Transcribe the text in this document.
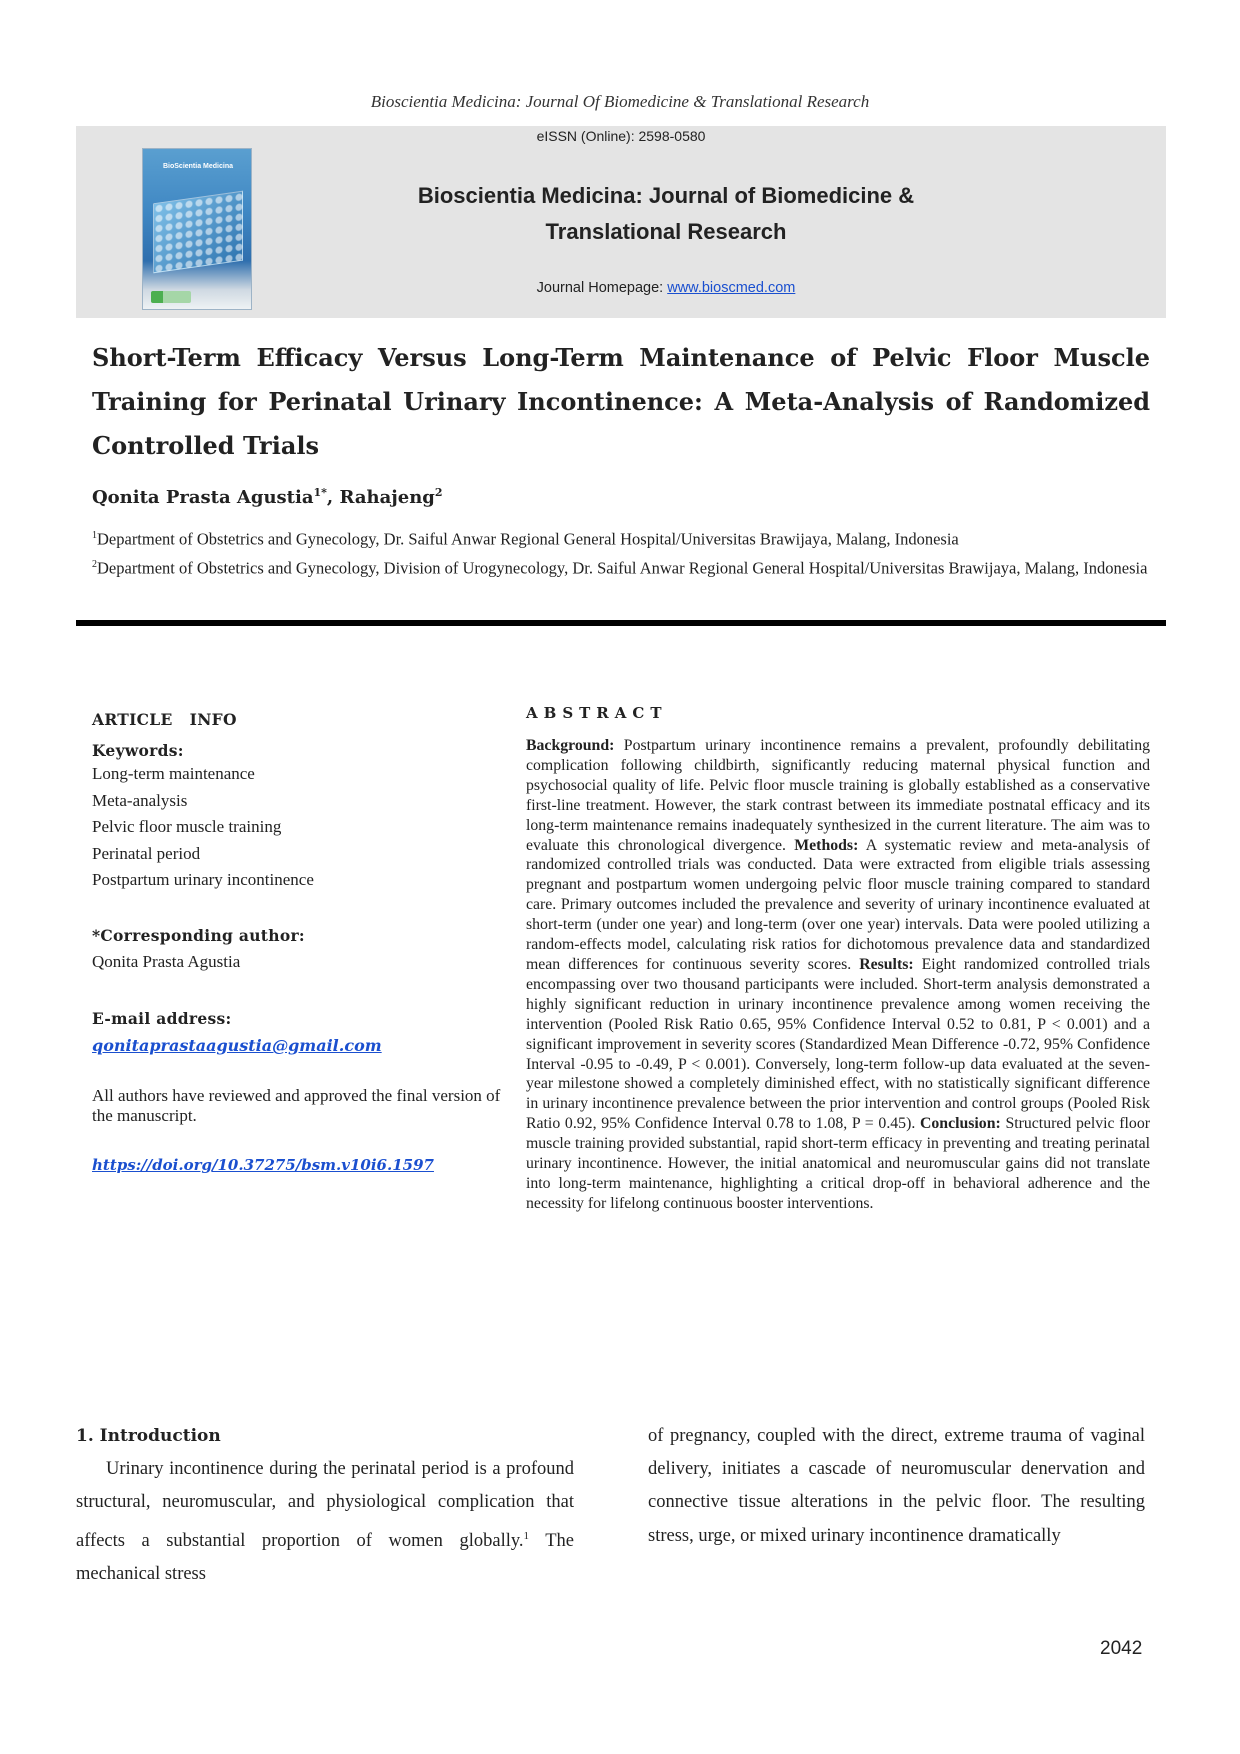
Bioscientia Medicina: Journal Of Biomedicine & Translational Research
eISSN (Online): 2598-0580
BioScientia Medicina
Bioscientia Medicina: Journal of Biomedicine &
Translational Research
Journal Homepage: www.bioscmed.com
Short-Term Efficacy Versus Long-Term Maintenance of Pelvic Floor Muscle Training for Perinatal Urinary Incontinence: A Meta-Analysis of Randomized Controlled Trials
Qonita Prasta Agustia$^{1*}$, Rahajeng$^2$
$^1$Department of Obstetrics and Gynecology, Dr. Saiful Anwar Regional General Hospital/Universitas Brawijaya, Malang, Indonesia
$^2$Department of Obstetrics and Gynecology, Division of Urogynecology, Dr. Saiful Anwar Regional General Hospital/Universitas Brawijaya, Malang, Indonesia
ARTICLE   INFO
Keywords:
Long-term maintenance
Meta-analysis
Pelvic floor muscle training
Perinatal period
Postpartum urinary incontinence
*Corresponding author:
Qonita Prasta Agustia
E-mail address:
qonitaprastaagustia@gmail.com
All authors have reviewed and approved the final version of the manuscript.
https://doi.org/10.37275/bsm.v10i6.1597
ABSTRACT
Background: Postpartum urinary incontinence remains a prevalent, profoundly debilitating complication following childbirth, significantly reducing maternal physical function and psychosocial quality of life. Pelvic floor muscle training is globally established as a conservative first-line treatment. However, the stark contrast between its immediate postnatal efficacy and its long-term maintenance remains inadequately synthesized in the current literature. The aim was to evaluate this chronological divergence. Methods: A systematic review and meta-analysis of randomized controlled trials was conducted. Data were extracted from eligible trials assessing pregnant and postpartum women undergoing pelvic floor muscle training compared to standard care. Primary outcomes included the prevalence and severity of urinary incontinence evaluated at short-term (under one year) and long-term (over one year) intervals. Data were pooled utilizing a random-effects model, calculating risk ratios for dichotomous prevalence data and standardized mean differences for continuous severity scores. Results: Eight randomized controlled trials encompassing over two thousand participants were included. Short-term analysis demonstrated a highly significant reduction in urinary incontinence prevalence among women receiving the intervention (Pooled Risk Ratio 0.65, 95% Confidence Interval 0.52 to 0.81, P < 0.001) and a significant improvement in severity scores (Standardized Mean Difference -0.72, 95% Confidence Interval -0.95 to -0.49, P < 0.001). Conversely, long-term follow-up data evaluated at the seven-year milestone showed a completely diminished effect, with no statistically significant difference in urinary incontinence prevalence between the prior intervention and control groups (Pooled Risk Ratio 0.92, 95% Confidence Interval 0.78 to 1.08, P = 0.45). Conclusion: Structured pelvic floor muscle training provided substantial, rapid short-term efficacy in preventing and treating perinatal urinary incontinence. However, the initial anatomical and neuromuscular gains did not translate into long-term maintenance, highlighting a critical drop-off in behavioral adherence and the necessity for lifelong continuous booster interventions.
1. Introduction
Urinary incontinence during the perinatal period is a profound structural, neuromuscular, and physiological complication that affects a substantial proportion of women globally.$^1$ The mechanical stress
of pregnancy, coupled with the direct, extreme trauma of vaginal delivery, initiates a cascade of neuromuscular denervation and connective tissue alterations in the pelvic floor. The resulting stress, urge, or mixed urinary incontinence dramatically
2042
